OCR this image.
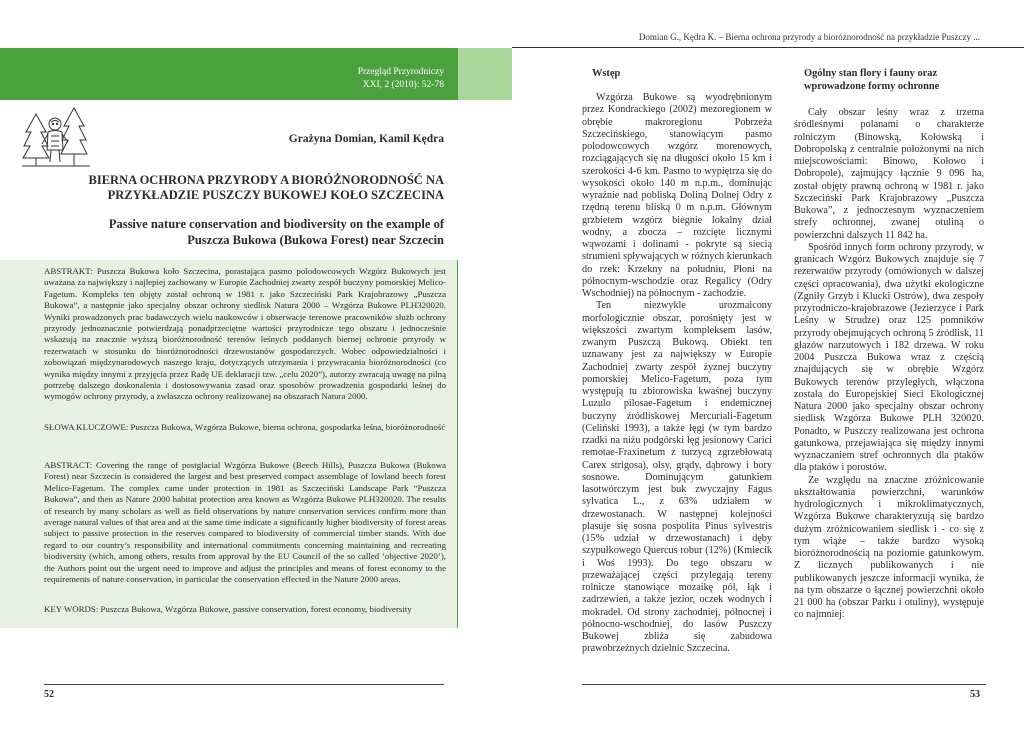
Przegląd Przyrodniczy
XXI, 2 (2010): 52-78
Grażyna Domian, Kamil Kędra
BIERNA OCHRONA PRZYRODY A BIORÓŻNORODNOŚĆ NA PRZYKŁADZIE PUSZCZY BUKOWEJ KOŁO SZCZECINA
Passive nature conservation and biodiversity on the example of Puszcza Bukowa (Bukowa Forest) near Szczecin

ABSTRAKT: Puszcza Bukowa koło Szczecina, porastająca pasmo polodowcowych Wzgórz Bukowych jest uważana za największy i najlepiej zachowany w Europie Zachodniej zwarty zespół buczyny pomorskiej Melico-Fagetum. Kompleks ten objęty został ochroną w 1981 r. jako Szczeciński Park Krajobrazowy „Puszcza Bukowa”, a następnie jako specjalny obszar ochrony siedlisk Natura 2000 – Wzgórza Bukowe PLH320020. Wyniki prowadzonych prac badawczych wielu naukowców i obserwacje terenowe pracowników służb ochrony przyrody jednoznacznie potwierdzają ponadprzeciętne wartości przyrodnicze tego obszaru i jednocześnie wskazują na znacznie wyższą bioróżnorodność terenów leśnych poddanych biernej ochronie przyrody w rezerwatach w stosunku do bioróżnorodności drzewostanów gospodarczych. Wobec odpowiedzialności i zobowiązań międzynarodowych naszego kraju, dotyczących utrzymania i przywracania bioróżnorodności (co wynika między innymi z przyjęcia przez Radę UE deklaracji tzw. „celu 2020”), autorzy zwracają uwagę na pilną potrzebę dalszego doskonalenia i dostosowywania zasad oraz sposobów prowadzenia gospodarki leśnej do wymogów ochrony przyrody, a zwłaszcza ochrony realizowanej na obszarach Natura 2000.

SŁOWA KLUCZOWE: Puszcza Bukowa, Wzgórza Bukowe, bierna ochrona, gospodarka leśna, bioróżnorodność

ABSTRACT: Covering the range of postglacial Wzgórza Bukowe (Beech Hills), Puszcza Bukowa (Bukowa Forest) near Szczecin is considered the largest and best preserved compact assemblage of lowland beech forest Melico-Fagetum. The complex came under protection in 1981 as Szczeciński Landscape Park “Puszcza Bukowa”, and then as Nature 2000 habitat protection area known as Wzgórza Bukowe PLH320020. The results of research by many scholars as well as field observations by nature conservation services confirm more than average natural values of that area and at the same time indicate a significantly higher biodiversity of forest areas subject to passive protection in the reserves compared to biodiversity of commercial timber stands. With due regard to our country’s responsibility and international commitments concerning maintaining and recreating biodiversity (which, among others, results from approval by the EU Council of the so called ‘objective 2020’), the Authors point out the urgent need to improve and adjust the principles and means of forest economy to the requirements of nature conservation, in particular the conservation effected in the Nature 2000 areas.

KEY WORDS: Puszcza Bukowa, Wzgórza Bukowe, passive conservation, forest economy, biodiversity

52
Domian G., Kędra K. – Bierna ochrona przyrody a bioróżnorodność na przykładzie Puszczy ...
Wstęp	Ogólny stan flory i fauny oraz wprowadzone formy ochronne

Wzgórza Bukowe są wyodrębnionym przez Kondrackiego (2002) mezoregionem w obrębie makroregionu Pobrzeża Szczecińskiego, stanowiącym pasmo polodowcowych wzgórz morenowych, rozciągających się na długości około 15 km i szerokości 4-6 km. Pasmo to wypiętrza się do wysokości około 140 m n.p.m., dominując wyraźnie nad pobliską Doliną Dolnej Odry z rzędną terenu bliską 0 m n.p.m. Głównym grzbietem wzgórz biegnie lokalny dział wodny, a zbocza – rozcięte licznymi wąwozami i dolinami - pokryte są siecią strumieni spływających w różnych kierunkach do rzek: Krzekny na południu, Płoni na północnym-wschodzie oraz Regalicy (Odry Wschodniej) na północnym - zachodzie.

Ten niezwykle urozmaicony morfologicznie obszar, porośnięty jest w większości zwartym kompleksem lasów, zwanym Puszczą Bukową. Obiekt ten uznawany jest za największy w Europie Zachodniej zwarty zespół żyznej buczyny pomorskiej Melico-Fagetum, poza tym występują tu zbiorowiska kwaśnej buczyny Luzulo pilosae-Fagetum i endemicznej buczyny źródliskowej Mercuriali-Fagetum (Celiński 1993), a także łęgi (w tym bardzo rzadki na niżu podgórski łęg jesionowy Carici remotae-Fraxinetum z turzycą zgrzebłowatą Carex strigosa), olsy, grądy, dąbrowy i bory sosnowe. Dominującym gatunkiem lasotwórczym jest buk zwyczajny Fagus sylvatica L., z 63% udziałem w drzewostanach. W następnej kolejności plasuje się sosna pospolita Pinus sylvestris (15% udział w drzewostanach) i dęby szypułkowego Quercus robur (12%) (Kmiecik i Woś 1993). Do tego obszaru w przeważającej części przylegają tereny rolnicze stanowiące mozaikę pól, łąk i zadrzewień, a także jezior, oczek wodnych i mokradeł. Od strony zachodniej, północnej i północno-wschodniej, do lasów Puszczy Bukowej zbliża się zabudowa prawobrzeżnych dzielnic Szczecina.

Cały obszar leśny wraz z trzema śródleśnymi polanami o charakterze rolniczym (Binowską, Kołowską i Dobropolską z centralnie położonymi na nich miejscowościami: Binowo, Kołowo i Dobropole), zajmujący łącznie 9 096 ha, został objęty prawną ochroną w 1981 r. jako Szczeciński Park Krajobrazowy „Puszcza Bukowa”, z jednoczesnym wyznaczeniem strefy ochronnej, zwanej otuliną o powierzchni dalszych 11 842 ha.

Spośród innych form ochrony przyrody, w granicach Wzgórz Bukowych znajduje się 7 rezerwatów przyrody (omówionych w dalszej części opracowania), dwa użytki ekologiczne (Zgniły Grzyb i Klucki Ostrów), dwa zespoły przyrodniczo-krajobrazowe (Jezierzyce i Park Leśny w Strudze) oraz 125 pomników przyrody obejmujących ochroną 5 źródlisk, 11 głazów narzutowych i 182 drzewa. W roku 2004 Puszcza Bukowa wraz z częścią znajdujących się w obrębie Wzgórz Bukowych terenów przyległych, włączona została do Europejskiej Sieci Ekologicznej Natura 2000 jako specjalny obszar ochrony siedlisk Wzgórza Bukowe PLH 320020. Ponadto, w Puszczy realizowana jest ochrona gatunkowa, przejawiająca się między innymi wyznaczaniem stref ochronnych dla ptaków dla ptaków i porostów.

Ze względu na znaczne zróżnicowanie ukształtowania powierzchni, warunków hydrologicznych i mikroklimatycznych, Wzgórza Bukowe charakteryzują się bardzo dużym zróżnicowaniem siedlisk i - co się z tym wiąże – także bardzo wysoką bioróżnorodnością na poziomie gatunkowym. Z licznych publikowanych i nie publikowanych jeszcze informacji wynika, że na tym obszarze o łącznej powierzchni około 21 000 ha (obszar Parku i otuliny), występuje co najmniej:

53
